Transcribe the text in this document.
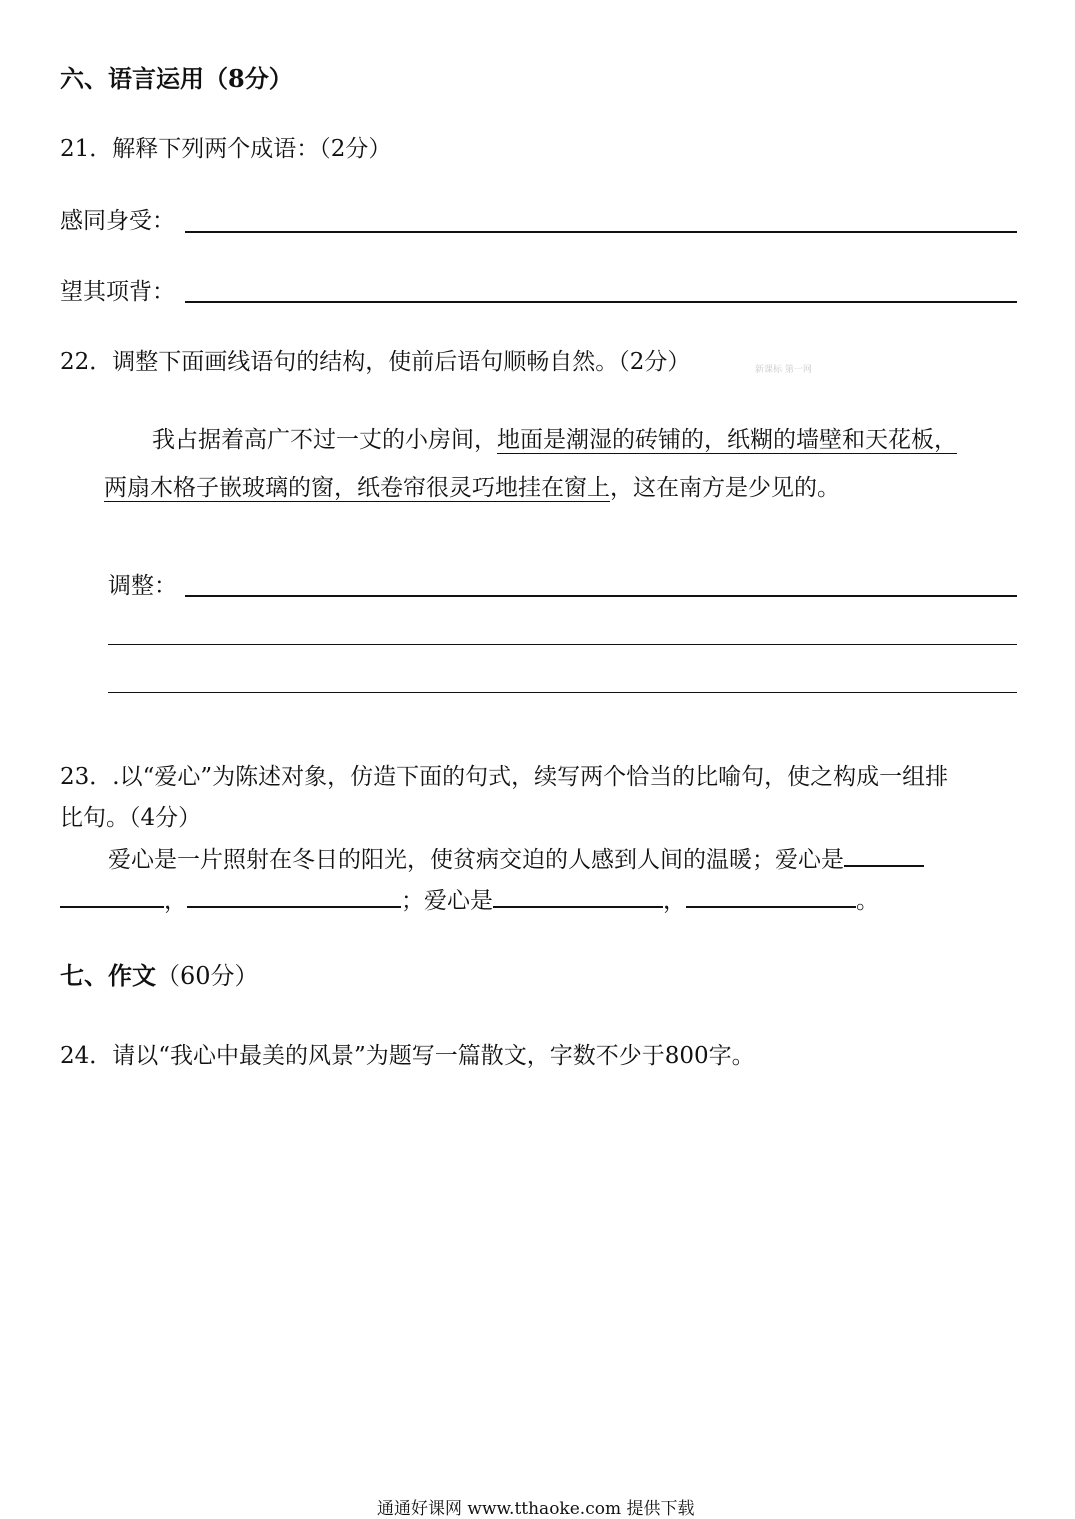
六、语言运用（8分）
21．解释下列两个成语：（2分）
感同身受：
望其项背：
22．调整下面画线语句的结构，使前后语句顺畅自然。（2分）	新课标 第一网
我占据着高广不过一丈的小房间，地面是潮湿的砖铺的，纸糊的墙壁和天花板，
两扇木格子嵌玻璃的窗，纸卷帘很灵巧地挂在窗上，这在南方是少见的。
调整：
23．.以“爱心”为陈述对象，仿造下面的句式，续写两个恰当的比喻句，使之构成一组排
比句。（4分）
爱心是一片照射在冬日的阳光，使贫病交迫的人感到人间的温暖；爱心是
，	；爱心是	，	。
七、作文（60分）
24．请以“我心中最美的风景”为题写一篇散文，字数不少于800字。
通通好课网 www.tthaoke.com 提供下载
